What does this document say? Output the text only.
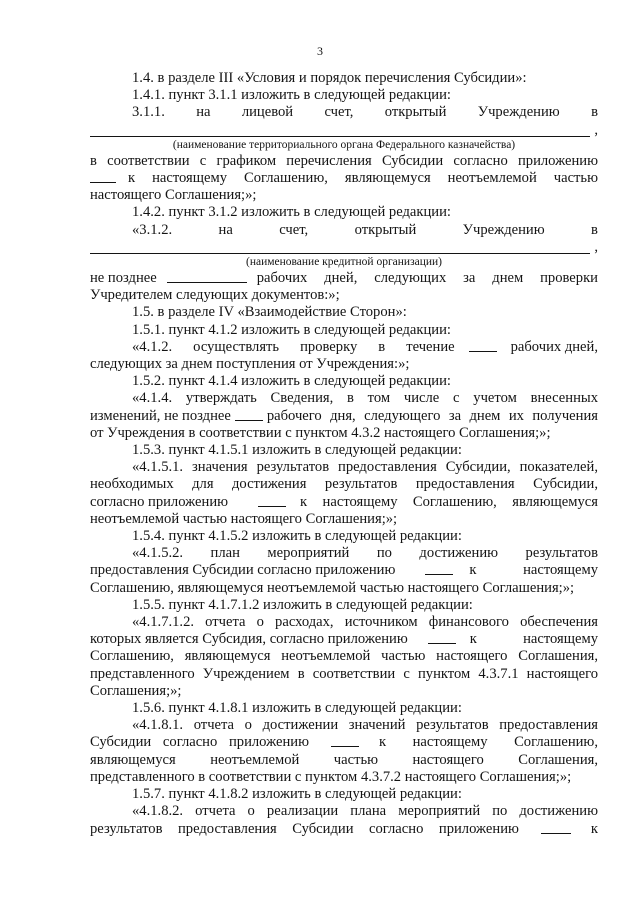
3

1.4. в разделе III «Условия и порядок перечисления Субсидии»:

1.4.1. пункт 3.1.1 изложить в следующей редакции:

3.1.1. на лицевой счет, открытый Учреждению в
,

(наименование территориального органа Федерального казначейства)

в соответствии с графиком перечисления Субсидии согласно приложению

к настоящему Соглашению, являющемуся неотъемлемой частью

настоящего Соглашения;»;

1.4.2. пункт 3.1.2 изложить в следующей редакции:

«3.1.2.	на	счет,	открытый	Учреждению	в
,

(наименование кредитной организации)

не позднее	рабочих дней, следующих за днем проверки

Учредителем следующих документов:»;

1.5. в разделе IV «Взаимодействие Сторон»:

1.5.1. пункт 4.1.2 изложить в следующей редакции:

«4.1.2. осуществлять проверку в течение	рабочих дней,

следующих за днем поступления от Учреждения:»;

1.5.2. пункт 4.1.4 изложить в следующей редакции:

«4.1.4. утверждать Сведения, в том числе с учетом внесенных

изменений, не позднее рабочего дня, следующего за днем их получения

от Учреждения в соответствии с пунктом 4.3.2 настоящего Соглашения;»;

1.5.3. пункт 4.1.5.1 изложить в следующей редакции:

«4.1.5.1. значения результатов предоставления Субсидии, показателей,

необходимых для достижения результатов предоставления Субсидии,

согласно приложению	к настоящему Соглашению, являющемуся

неотъемлемой частью настоящего Соглашения;»;

1.5.4. пункт 4.1.5.2 изложить в следующей редакции:

«4.1.5.2. план мероприятий по достижению результатов

предоставления Субсидии согласно приложению	к настоящему

Соглашению, являющемуся неотъемлемой частью настоящего Соглашения;»;

1.5.5. пункт 4.1.7.1.2 изложить в следующей редакции:

«4.1.7.1.2. отчета о расходах, источником финансового обеспечения

которых является Субсидия, согласно приложению	к настоящему

Соглашению, являющемуся неотъемлемой частью настоящего Соглашения,

представленного Учреждением в соответствии с пунктом 4.3.7.1 настоящего

Соглашения;»;

1.5.6. пункт 4.1.8.1 изложить в следующей редакции:

«4.1.8.1. отчета о достижении значений результатов предоставления

Субсидии согласно приложению	к настоящему Соглашению,

являющемуся неотъемлемой частью настоящего Соглашения,

представленного в соответствии с пунктом 4.3.7.2 настоящего Соглашения;»;

1.5.7. пункт 4.1.8.2 изложить в следующей редакции:

«4.1.8.2. отчета о реализации плана мероприятий по достижению

результатов предоставления Субсидии согласно приложению	к
